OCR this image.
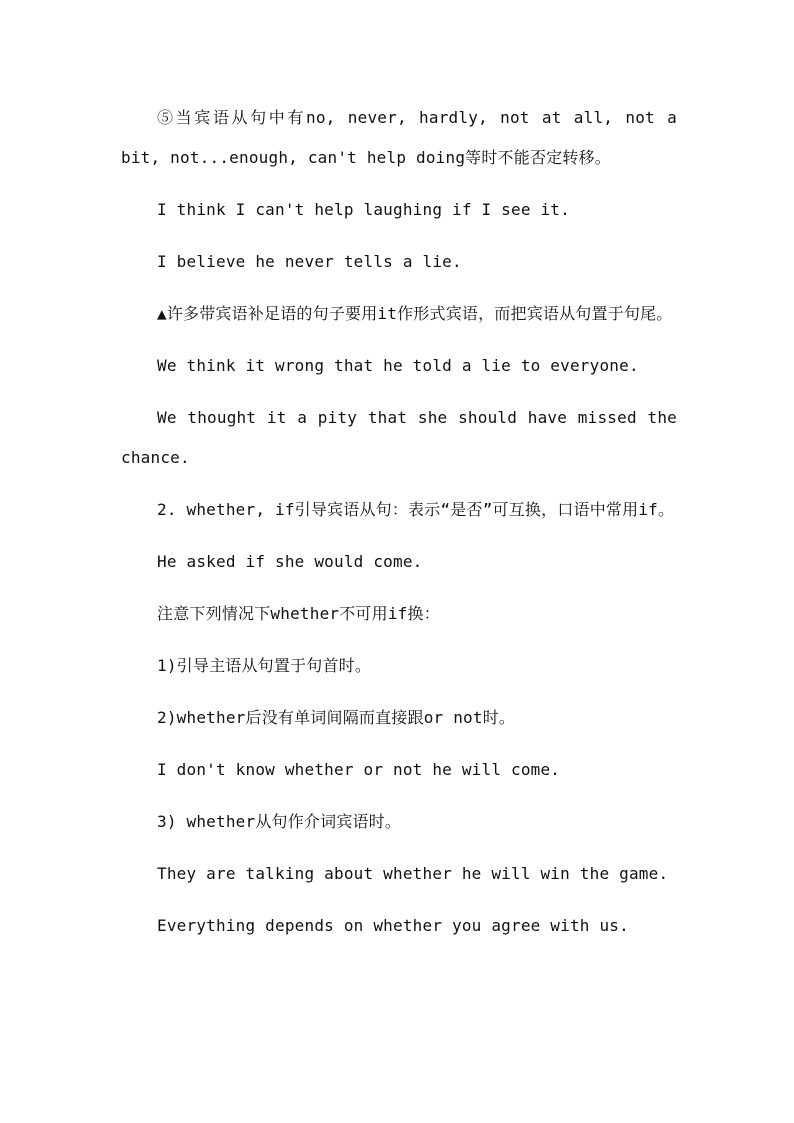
⑤当宾语从句中有no, never, hardly, not at all, not a bit, not...enough, can't help doing等时不能否定转移。

I think I can't help laughing if I see it.

I believe he never tells a lie.

▲许多带宾语补足语的句子要用it作形式宾语，而把宾语从句置于句尾。

We think it wrong that he told a lie to everyone.

We thought it a pity that she should have missed the chance.

2. whether, if引导宾语从句：表示“是否”可互换，口语中常用if。

He asked if she would come.

注意下列情况下whether不可用if换：

1)引导主语从句置于句首时。

2)whether后没有单词间隔而直接跟or not时。

I don't know whether or not he will come.

3) whether从句作介词宾语时。

They are talking about whether he will win the game.

Everything depends on whether you agree with us.
